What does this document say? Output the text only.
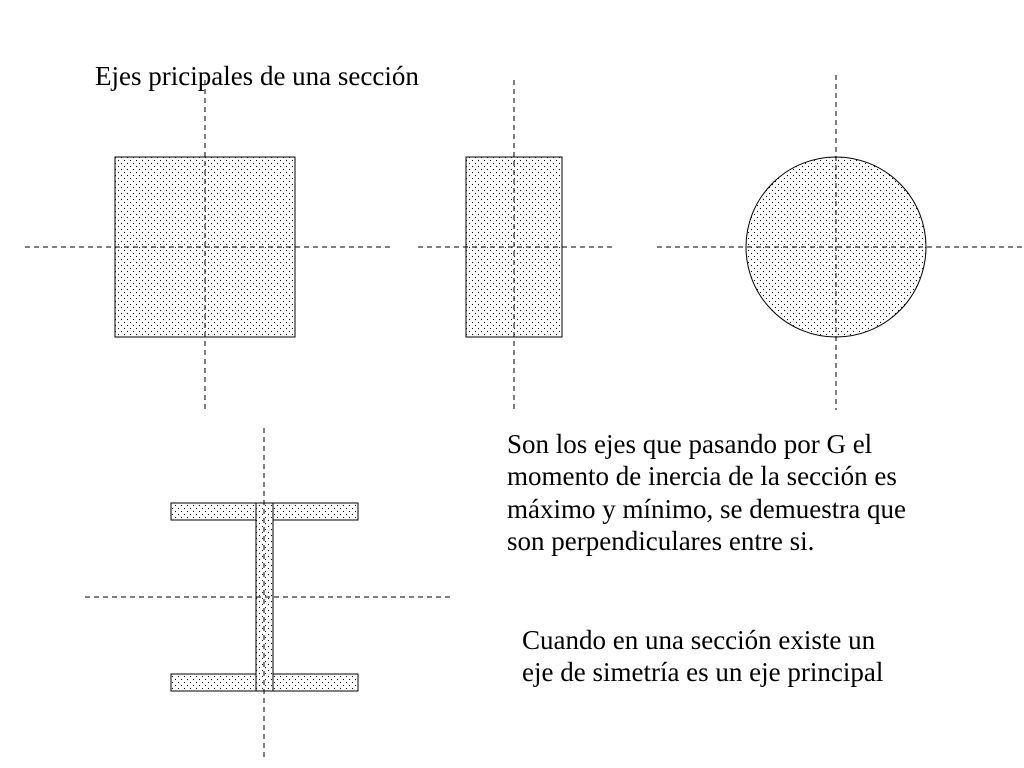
Ejes pricipales de una sección
Son los ejes que pasando por G el
momento de inercia de la sección es
máximo y mínimo, se demuestra que
son perpendiculares entre si.
Cuando en una sección existe un
eje de simetría es un eje principal
